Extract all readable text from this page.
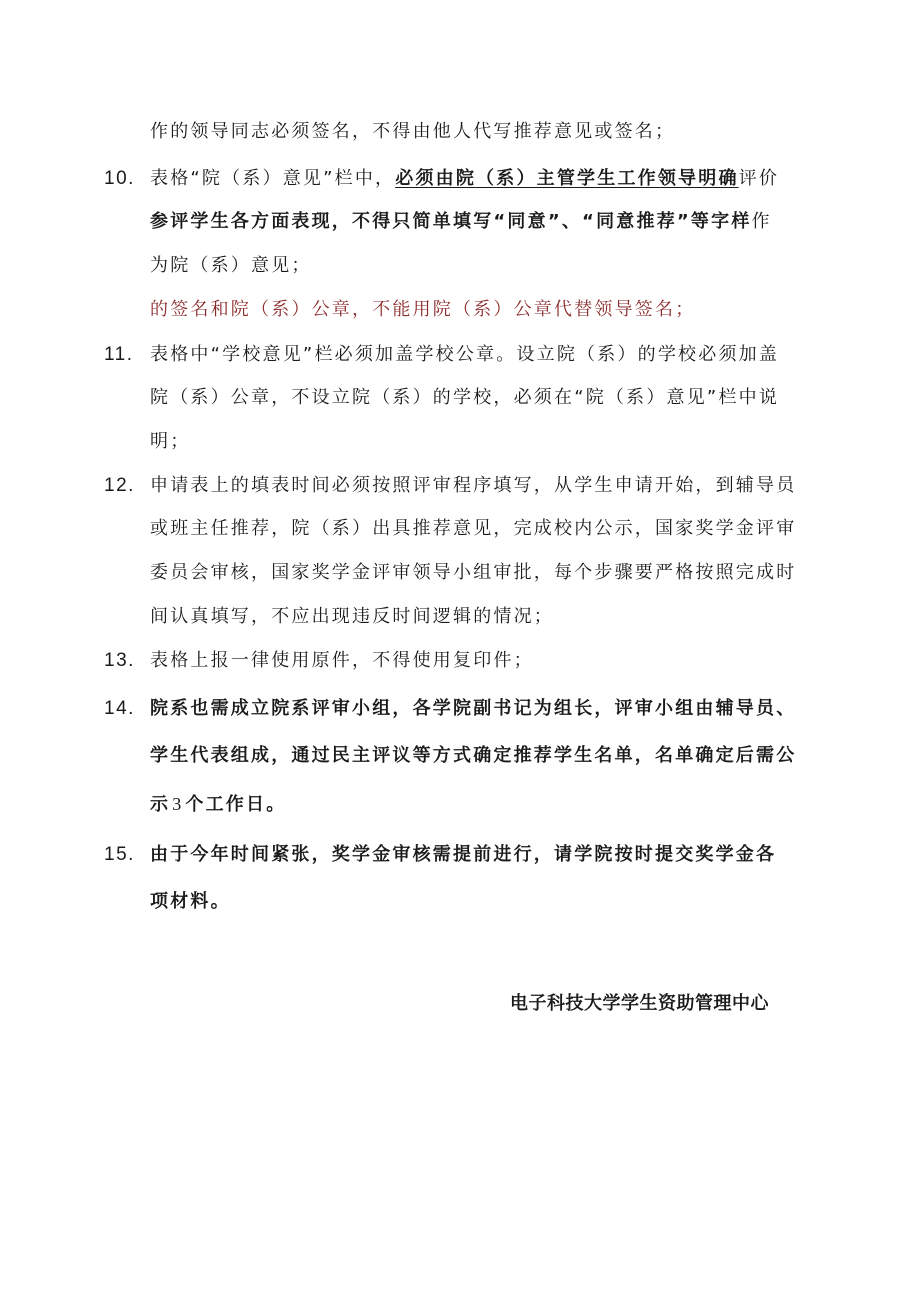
作的领导同志必须签名，不得由他人代写推荐意见或签名；
10. 表格“院（系）意见”栏中，必须由院（系）主管学生工作领导明确评价
参评学生各方面表现，不得只简单填写“同意”、“同意推荐”等字样作
为院（系）意见；
的签名和院（系）公章，不能用院（系）公章代替领导签名；
11. 表格中“学校意见”栏必须加盖学校公章。设立院（系）的学校必须加盖
院（系）公章，不设立院（系）的学校，必须在“院（系）意见”栏中说
明；
12. 申请表上的填表时间必须按照评审程序填写，从学生申请开始，到辅导员
或班主任推荐，院（系）出具推荐意见，完成校内公示，国家奖学金评审
委员会审核，国家奖学金评审领导小组审批，每个步骤要严格按照完成时
间认真填写，不应出现违反时间逻辑的情况；
13. 表格上报一律使用原件，不得使用复印件；
14. 院系也需成立院系评审小组，各学院副书记为组长，评审小组由辅导员、
学生代表组成，通过民主评议等方式确定推荐学生名单，名单确定后需公
示 3 个工作日。
15. 由于今年时间紧张，奖学金审核需提前进行，请学院按时提交奖学金各
项材料。
电子科技大学学生资助管理中心
